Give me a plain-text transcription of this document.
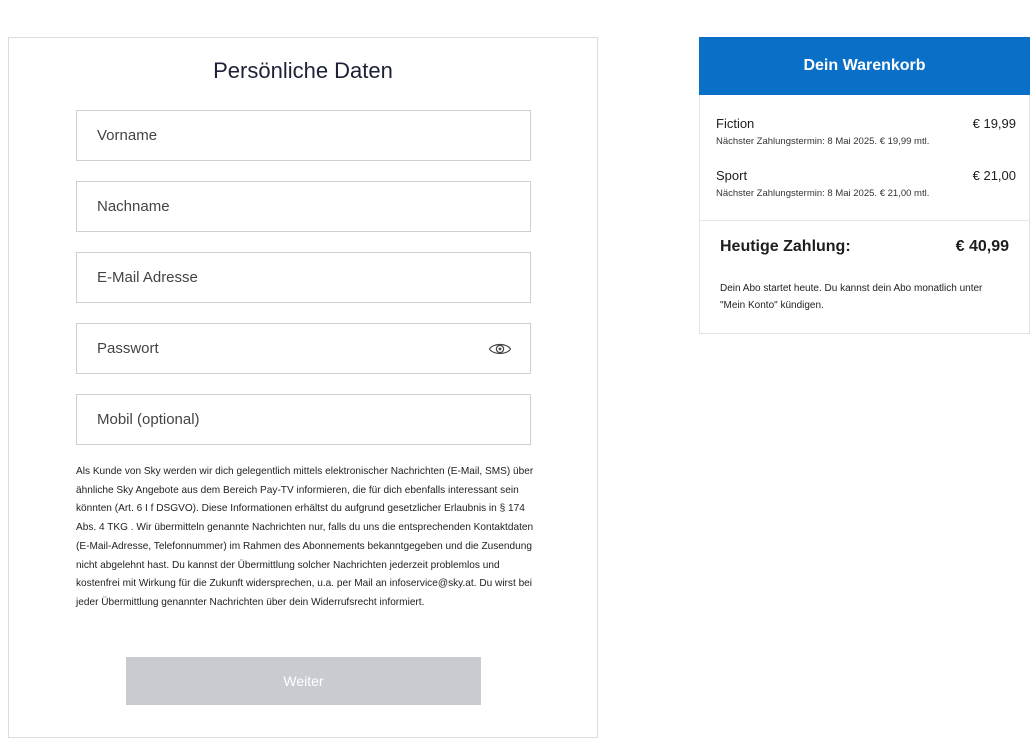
Persönliche Daten
Vorname
Nachname
E-Mail Adresse
Mobil (optional)

Als Kunde von Sky werden wir dich gelegentlich mittels elektronischer Nachrichten (E-Mail, SMS) über ähnliche Sky Angebote aus dem Bereich Pay-TV informieren, die für dich ebenfalls interessant sein könnten (Art. 6 I f DSGVO). Diese Informationen erhältst du aufgrund gesetzlicher Erlaubnis in § 174 Abs. 4 TKG . Wir übermitteln genannte Nachrichten nur, falls du uns die entsprechenden Kontaktdaten (E-Mail-Adresse, Telefonnummer) im Rahmen des Abonnements bekanntgegeben und die Zusendung nicht abgelehnt hast. Du kannst der Übermittlung solcher Nachrichten jederzeit problemlos und kostenfrei mit Wirkung für die Zukunft widersprechen, u.a. per Mail an infoservice@sky.at. Du wirst bei jeder Übermittlung genannter Nachrichten über dein Widerrufsrecht informiert.

Weiter
Dein Warenkorb
Fiction	€ 19,99
Nächster Zahlungstermin: 8 Mai 2025. € 19,99 mtl.
Sport	€ 21,00
Nächster Zahlungstermin: 8 Mai 2025. € 21,00 mtl.
Heutige Zahlung:	€ 40,99

Dein Abo startet heute. Du kannst dein Abo monatlich unter "Mein Konto" kündigen.
